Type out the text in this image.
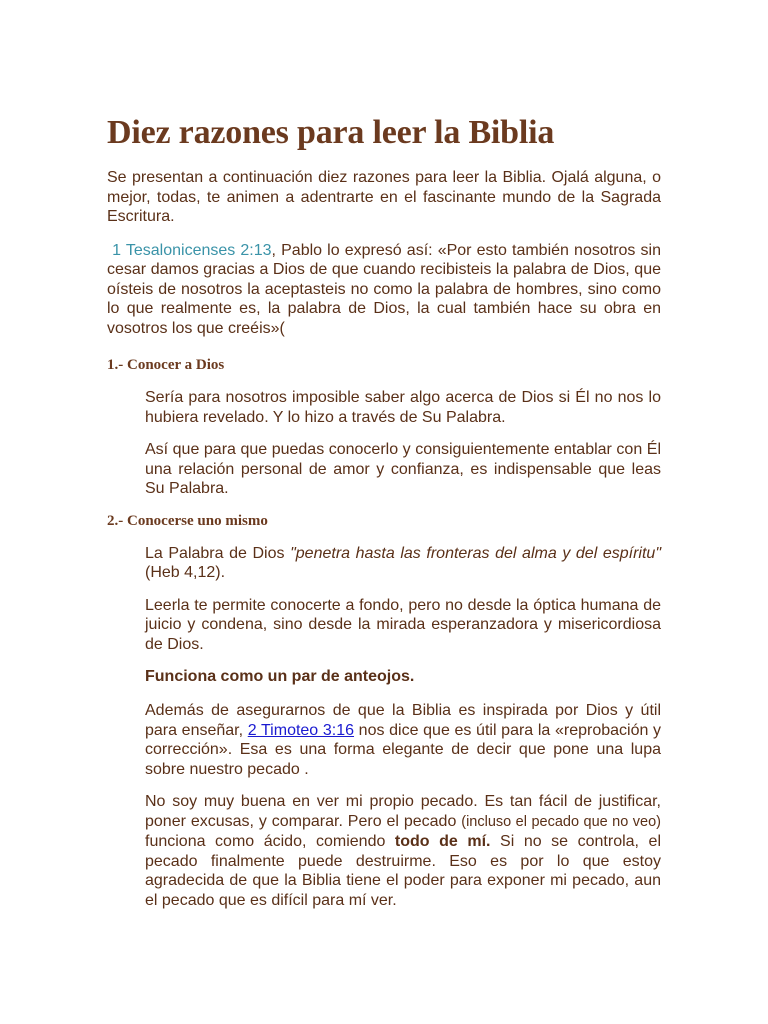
Diez razones para leer la Biblia

Se presentan a continuación diez razones para leer la Biblia. Ojalá alguna, o mejor, todas, te animen a adentrarte en el fascinante mundo de la Sagrada Escritura.

1 Tesalonicenses 2:13, Pablo lo expresó así: «Por esto también nosotros sin cesar damos gracias a Dios de que cuando recibisteis la palabra de Dios, que oísteis de nosotros la aceptasteis no como la palabra de hombres, sino como lo que realmente es, la palabra de Dios, la cual también hace su obra en vosotros los que creéis»(

1.- Conocer a Dios

Sería para nosotros imposible saber algo acerca de Dios si Él no nos lo hubiera revelado. Y lo hizo a través de Su Palabra.

Así que para que puedas conocerlo y consiguientemente entablar con Él una relación personal de amor y confianza, es indispensable que leas Su Palabra.

2.- Conocerse uno mismo

La Palabra de Dios "penetra hasta las fronteras del alma y del espíritu" (Heb 4,12).

Leerla te permite conocerte a fondo, pero no desde la óptica humana de juicio y condena, sino desde la mirada esperanzadora y misericordiosa de Dios.

Funciona como un par de anteojos.

Además de asegurarnos de que la Biblia es inspirada por Dios y útil para enseñar, 2 Timoteo 3:16 nos dice que es útil para la «reprobación y corrección». Esa es una forma elegante de decir que pone una lupa sobre nuestro pecado .

No soy muy buena en ver mi propio pecado. Es tan fácil de justificar, poner excusas, y comparar. Pero el pecado (incluso el pecado que no veo) funciona como ácido, comiendo todo de mí. Si no se controla, el pecado finalmente puede destruirme. Eso es por lo que estoy agradecida de que la Biblia tiene el poder para exponer mi pecado, aun el pecado que es difícil para mí ver.
